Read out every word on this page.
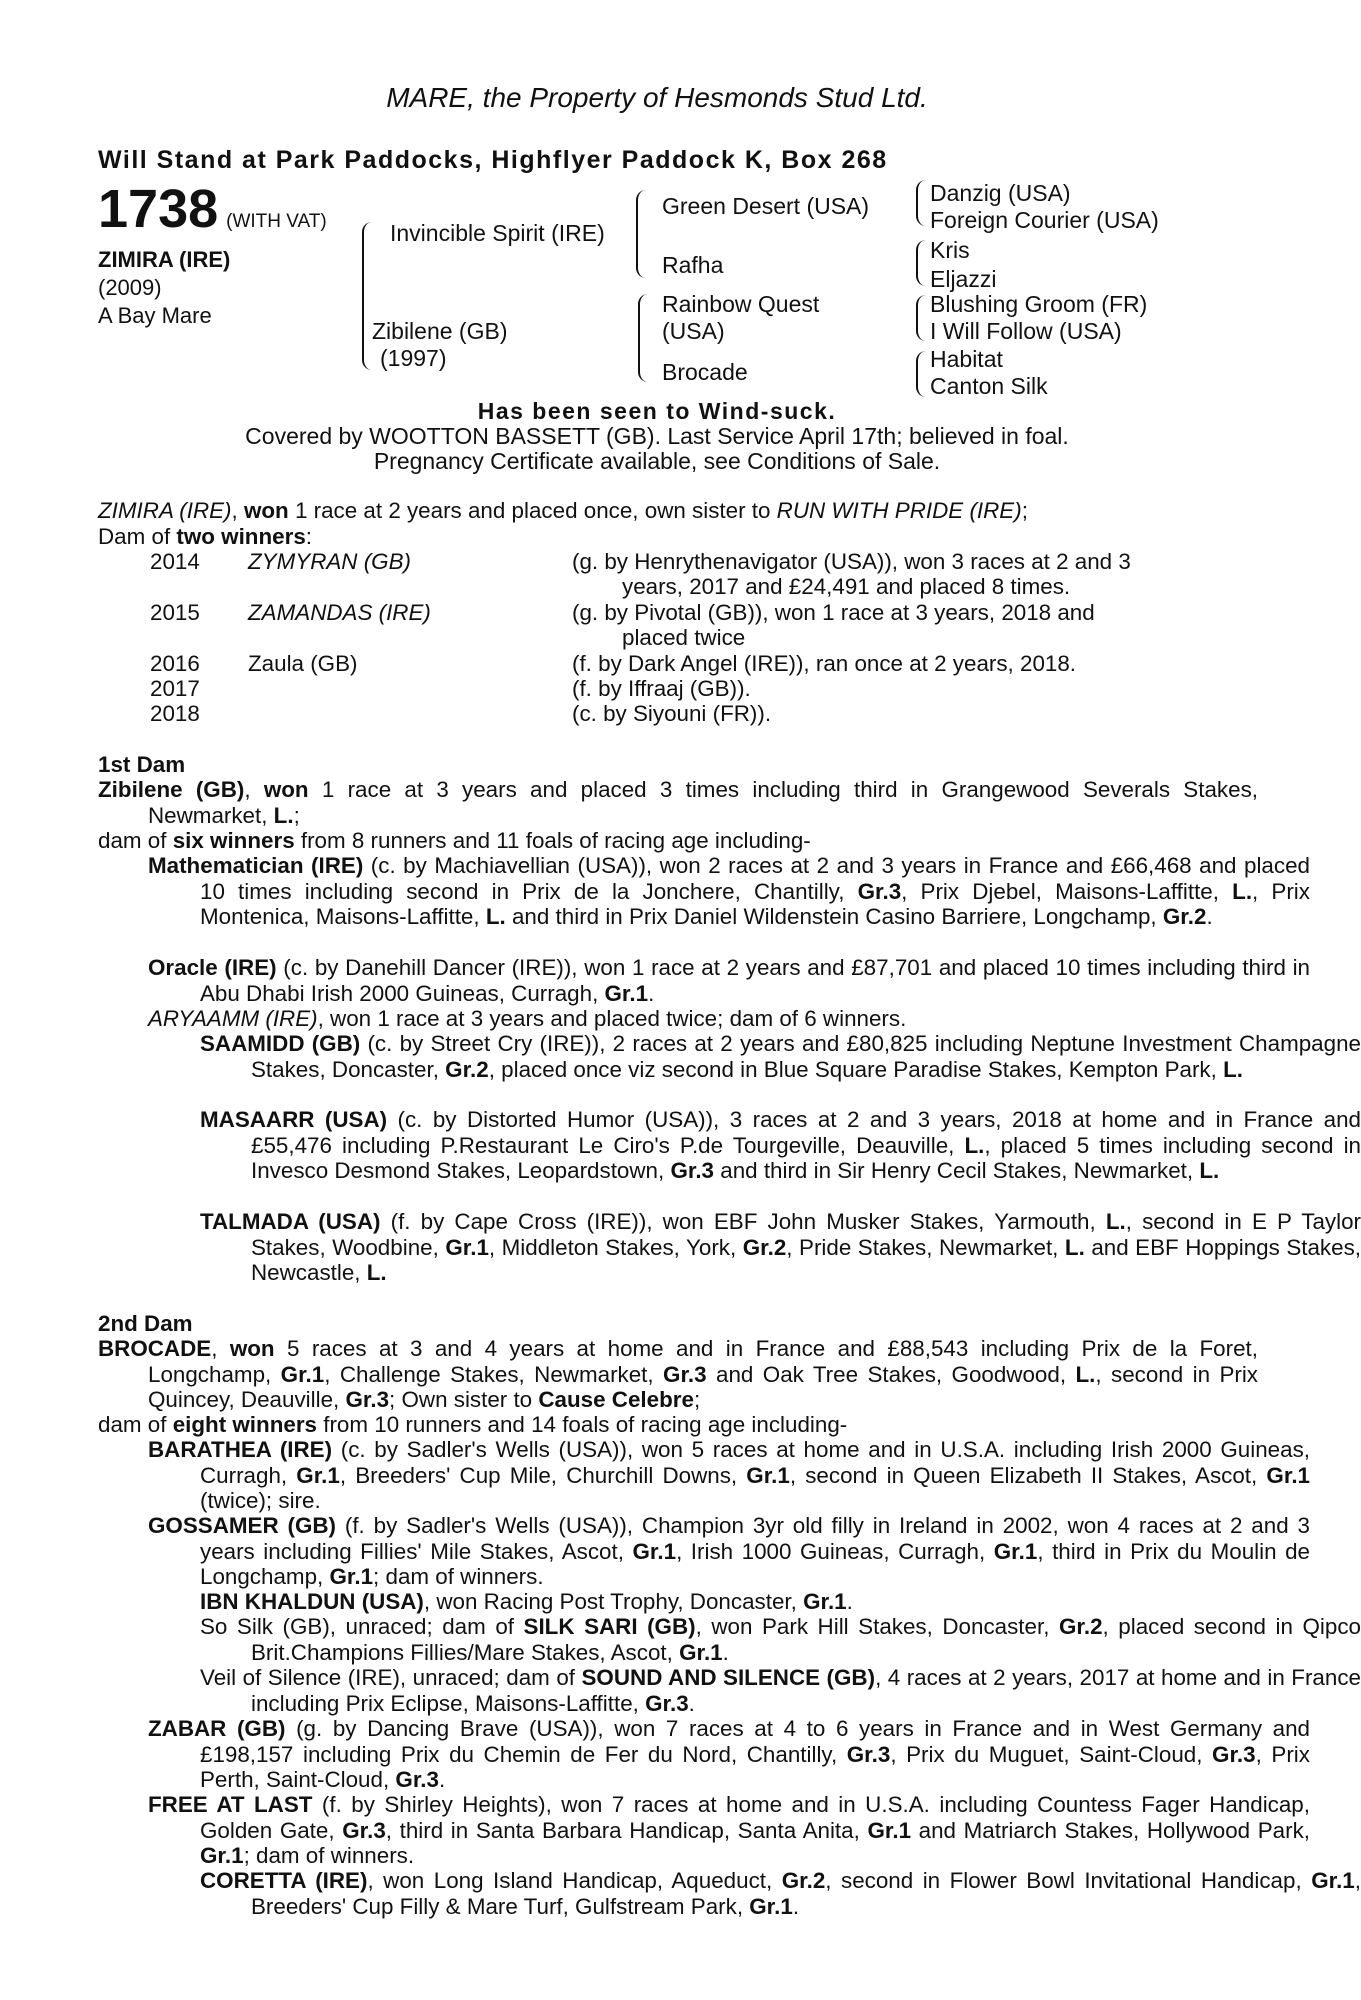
MARE, the Property of Hesmonds Stud Ltd.
Will Stand at Park Paddocks, Highflyer Paddock K, Box 268
1738 (WITH VAT)
ZIMIRA (IRE)
(2009)
A Bay Mare
Invincible Spirit (IRE)
Zibilene (GB)
(1997)
Green Desert (USA)
Rafha
Rainbow Quest
(USA)
Brocade
Danzig (USA)
Foreign Courier (USA)
Kris
Eljazzi
Blushing Groom (FR)
I Will Follow (USA)
Habitat
Canton Silk
Has been seen to Wind-suck.
Covered by WOOTTON BASSETT (GB). Last Service April 17th; believed in foal.
Pregnancy Certificate available, see Conditions of Sale.
ZIMIRA (IRE), won 1 race at 2 years and placed once, own sister to RUN WITH PRIDE (IRE);
Dam of two winners:
2014 ZYMYRAN (GB)	(g. by Henrythenavigator (USA)), won 3 races at 2 and 3
years, 2017 and £24,491 and placed 8 times.
2015 ZAMANDAS (IRE)	(g. by Pivotal (GB)), won 1 race at 3 years, 2018 and
placed twice
2016 Zaula (GB)	(f. by Dark Angel (IRE)), ran once at 2 years, 2018.
2017	(f. by Iffraaj (GB)).
2018	(c. by Siyouni (FR)).
1st Dam
Zibilene (GB), won 1 race at 3 years and placed 3 times including third in Grangewood Severals Stakes, Newmarket, L.;
dam of six winners from 8 runners and 11 foals of racing age including-
Mathematician (IRE) (c. by Machiavellian (USA)), won 2 races at 2 and 3 years in France and £66,468 and placed 10 times including second in Prix de la Jonchere, Chantilly, Gr.3, Prix Djebel, Maisons-Laffitte, L., Prix Montenica, Maisons-Laffitte, L. and third in Prix Daniel Wildenstein Casino Barriere, Longchamp, Gr.2.
Oracle (IRE) (c. by Danehill Dancer (IRE)), won 1 race at 2 years and £87,701 and placed 10 times including third in Abu Dhabi Irish 2000 Guineas, Curragh, Gr.1.
ARYAAMM (IRE), won 1 race at 3 years and placed twice; dam of 6 winners.
SAAMIDD (GB) (c. by Street Cry (IRE)), 2 races at 2 years and £80,825 including Neptune Investment Champagne Stakes, Doncaster, Gr.2, placed once viz second in Blue Square Paradise Stakes, Kempton Park, L.
MASAARR (USA) (c. by Distorted Humor (USA)), 3 races at 2 and 3 years, 2018 at home and in France and £55,476 including P.Restaurant Le Ciro's P.de Tourgeville, Deauville, L., placed 5 times including second in Invesco Desmond Stakes, Leopardstown, Gr.3 and third in Sir Henry Cecil Stakes, Newmarket, L.
TALMADA (USA) (f. by Cape Cross (IRE)), won EBF John Musker Stakes, Yarmouth, L., second in E P Taylor Stakes, Woodbine, Gr.1, Middleton Stakes, York, Gr.2, Pride Stakes, Newmarket, L. and EBF Hoppings Stakes, Newcastle, L.
2nd Dam
BROCADE, won 5 races at 3 and 4 years at home and in France and £88,543 including Prix de la Foret, Longchamp, Gr.1, Challenge Stakes, Newmarket, Gr.3 and Oak Tree Stakes, Goodwood, L., second in Prix Quincey, Deauville, Gr.3; Own sister to Cause Celebre;
dam of eight winners from 10 runners and 14 foals of racing age including-
BARATHEA (IRE) (c. by Sadler's Wells (USA)), won 5 races at home and in U.S.A. including Irish 2000 Guineas, Curragh, Gr.1, Breeders' Cup Mile, Churchill Downs, Gr.1, second in Queen Elizabeth II Stakes, Ascot, Gr.1 (twice); sire.
GOSSAMER (GB) (f. by Sadler's Wells (USA)), Champion 3yr old filly in Ireland in 2002, won 4 races at 2 and 3 years including Fillies' Mile Stakes, Ascot, Gr.1, Irish 1000 Guineas, Curragh, Gr.1, third in Prix du Moulin de Longchamp, Gr.1; dam of winners.
IBN KHALDUN (USA), won Racing Post Trophy, Doncaster, Gr.1.
So Silk (GB), unraced; dam of SILK SARI (GB), won Park Hill Stakes, Doncaster, Gr.2, placed second in Qipco Brit.Champions Fillies/Mare Stakes, Ascot, Gr.1.
Veil of Silence (IRE), unraced; dam of SOUND AND SILENCE (GB), 4 races at 2 years, 2017 at home and in France including Prix Eclipse, Maisons-Laffitte, Gr.3.
ZABAR (GB) (g. by Dancing Brave (USA)), won 7 races at 4 to 6 years in France and in West Germany and £198,157 including Prix du Chemin de Fer du Nord, Chantilly, Gr.3, Prix du Muguet, Saint-Cloud, Gr.3, Prix Perth, Saint-Cloud, Gr.3.
FREE AT LAST (f. by Shirley Heights), won 7 races at home and in U.S.A. including Countess Fager Handicap, Golden Gate, Gr.3, third in Santa Barbara Handicap, Santa Anita, Gr.1 and Matriarch Stakes, Hollywood Park, Gr.1; dam of winners.
CORETTA (IRE), won Long Island Handicap, Aqueduct, Gr.2, second in Flower Bowl Invitational Handicap, Gr.1, Breeders' Cup Filly & Mare Turf, Gulfstream Park, Gr.1.
